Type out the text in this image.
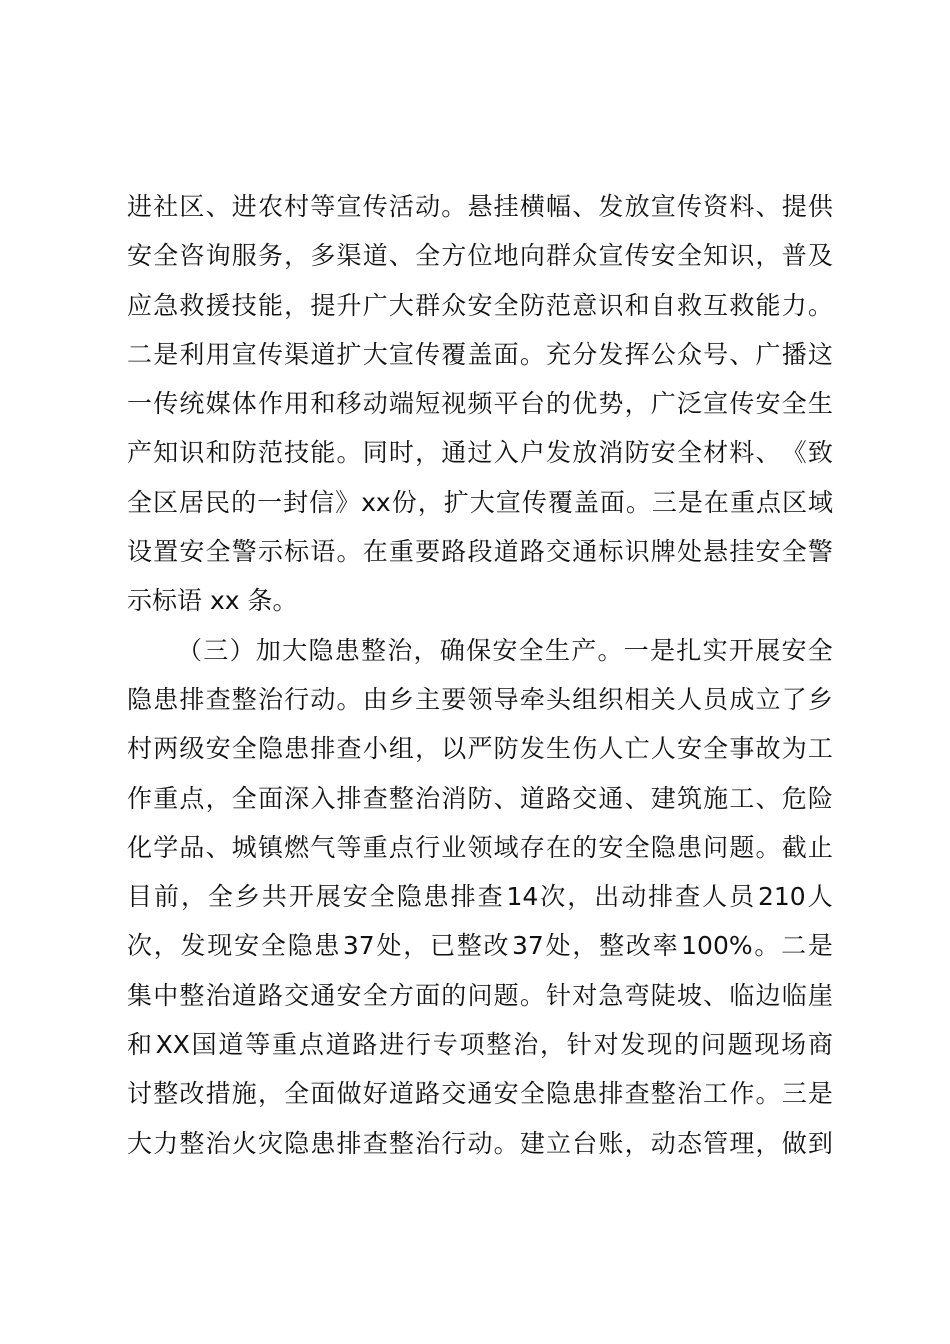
进 社 区 、 进 农 村 等 宣 传 活 动 。 悬 挂 横 幅 、 发 放 宣 传 资 料 、 提 供
安 全 咨 询 服 务 ， 多 渠 道 、 全 方 位 地 向 群 众 宣 传 安 全 知 识 ， 普 及
应 急 救 援 技 能 ， 提 升 广 大 群 众 安 全 防 范 意 识 和 自 救 互 救 能 力 。
二 是 利 用 宣 传 渠 道 扩 大 宣 传 覆 盖 面 。 充 分 发 挥 公 众 号 、 广 播 这
一 传 统 媒 体 作 用 和 移 动 端 短 视 频 平 台 的 优 势 ， 广 泛 宣 传 安 全 生
产 知 识 和 防 范 技 能 。 同 时 ， 通 过 入 户 发 放 消 防 安 全 材 料 、 《 致
全 区 居 民 的 一 封 信 》 xx 份 ， 扩 大 宣 传 覆 盖 面 。 三 是 在 重 点 区 域
设 置 安 全 警 示 标 语 。 在 重 要 路 段 道 路 交 通 标 识 牌 处 悬 挂 安 全 警
示标语 xx 条。
（ 三 ） 加 大 隐 患 整 治 ， 确 保 安 全 生 产 。 一 是 扎 实 开 展 安 全
隐 患 排 查 整 治 行 动 。 由 乡 主 要 领 导 牵 头 组 织 相 关 人 员 成 立 了 乡
村 两 级 安 全 隐 患 排 查 小 组 ， 以 严 防 发 生 伤 人 亡 人 安 全 事 故 为 工
作 重 点 ， 全 面 深 入 排 查 整 治 消 防 、 道 路 交 通 、 建 筑 施 工 、 危 险
化 学 品 、 城 镇 燃 气 等 重 点 行 业 领 域 存 在 的 安 全 隐 患 问 题 。 截 止
目 前 ， 全 乡 共 开 展 安 全 隐 患 排 查 14 次 ， 出 动 排 查 人 员 210 人
次 ， 发 现 安 全 隐 患 37 处 ， 已 整 改 37 处 ， 整 改 率 100% 。 二 是
集 中 整 治 道 路 交 通 安 全 方 面 的 问 题 。 针 对 急 弯 陡 坡 、 临 边 临 崖
和 XX 国 道 等 重 点 道 路 进 行 专 项 整 治 ， 针 对 发 现 的 问 题 现 场 商
讨 整 改 措 施 ， 全 面 做 好 道 路 交 通 安 全 隐 患 排 查 整 治 工 作 。 三 是
大 力 整 治 火 灾 隐 患 排 查 整 治 行 动 。 建 立 台 账 ， 动 态 管 理 ， 做 到
